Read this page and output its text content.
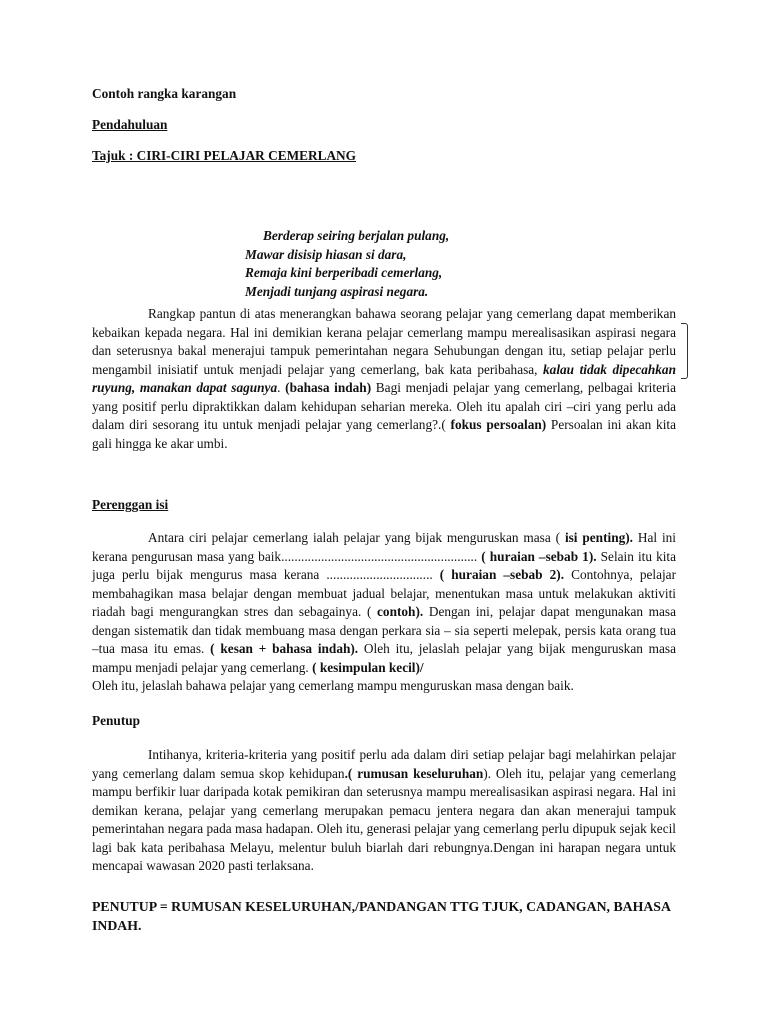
Contoh rangka karangan
Pendahuluan
Tajuk : CIRI-CIRI PELAJAR CEMERLANG
Berderap seiring berjalan pulang,
Mawar disisip hiasan si dara,
Remaja kini berperibadi cemerlang,
Menjadi tunjang aspirasi negara.
Rangkap pantun di atas menerangkan bahawa seorang pelajar yang cemerlang dapat memberikan kebaikan kepada negara. Hal ini demikian kerana pelajar cemerlang mampu merealisasikan aspirasi negara dan seterusnya bakal menerajui tampuk pemerintahan negara Sehubungan dengan itu, setiap pelajar perlu mengambil inisiatif untuk menjadi pelajar yang cemerlang, bak kata peribahasa, kalau tidak dipecahkan ruyung, manakan dapat sagunya. (bahasa indah) Bagi menjadi pelajar yang cemerlang, pelbagai kriteria yang positif perlu dipraktikkan dalam kehidupan seharian mereka. Oleh itu apalah ciri –ciri yang perlu ada dalam diri sesorang itu untuk menjadi pelajar yang cemerlang?.( fokus persoalan) Persoalan ini akan kita gali hingga ke akar umbi.
Perenggan isi
Antara ciri pelajar cemerlang ialah pelajar yang bijak menguruskan masa ( isi penting). Hal ini kerana pengurusan masa yang baik........................................................... ( huraian –sebab 1). Selain itu kita juga perlu bijak mengurus masa kerana ................................ ( huraian –sebab 2). Contohnya, pelajar membahagikan masa belajar dengan membuat jadual belajar, menentukan masa untuk melakukan aktiviti riadah bagi mengurangkan stres dan sebagainya. ( contoh). Dengan ini, pelajar dapat mengunakan masa dengan sistematik dan tidak membuang masa dengan perkara sia – sia seperti melepak, persis kata orang tua –tua masa itu emas. ( kesan + bahasa indah). Oleh itu, jelaslah pelajar yang bijak menguruskan masa mampu menjadi pelajar yang cemerlang. ( kesimpulan kecil)/
Oleh itu, jelaslah bahawa pelajar yang cemerlang mampu menguruskan masa dengan baik.
Penutup
Intihanya, kriteria-kriteria yang positif perlu ada dalam diri setiap pelajar bagi melahirkan pelajar yang cemerlang dalam semua skop kehidupan.( rumusan keseluruhan). Oleh itu, pelajar yang cemerlang mampu berfikir luar daripada kotak pemikiran dan seterusnya mampu merealisasikan aspirasi negara. Hal ini demikan kerana, pelajar yang cemerlang merupakan pemacu jentera negara dan akan menerajui tampuk pemerintahan negara pada masa hadapan. Oleh itu, generasi pelajar yang cemerlang perlu dipupuk sejak kecil lagi bak kata peribahasa Melayu, melentur buluh biarlah dari rebungnya.Dengan ini harapan negara untuk mencapai wawasan 2020 pasti terlaksana.
PENUTUP = RUMUSAN KESELURUHAN,/PANDANGAN TTG TJUK, CADANGAN, BAHASA INDAH.
